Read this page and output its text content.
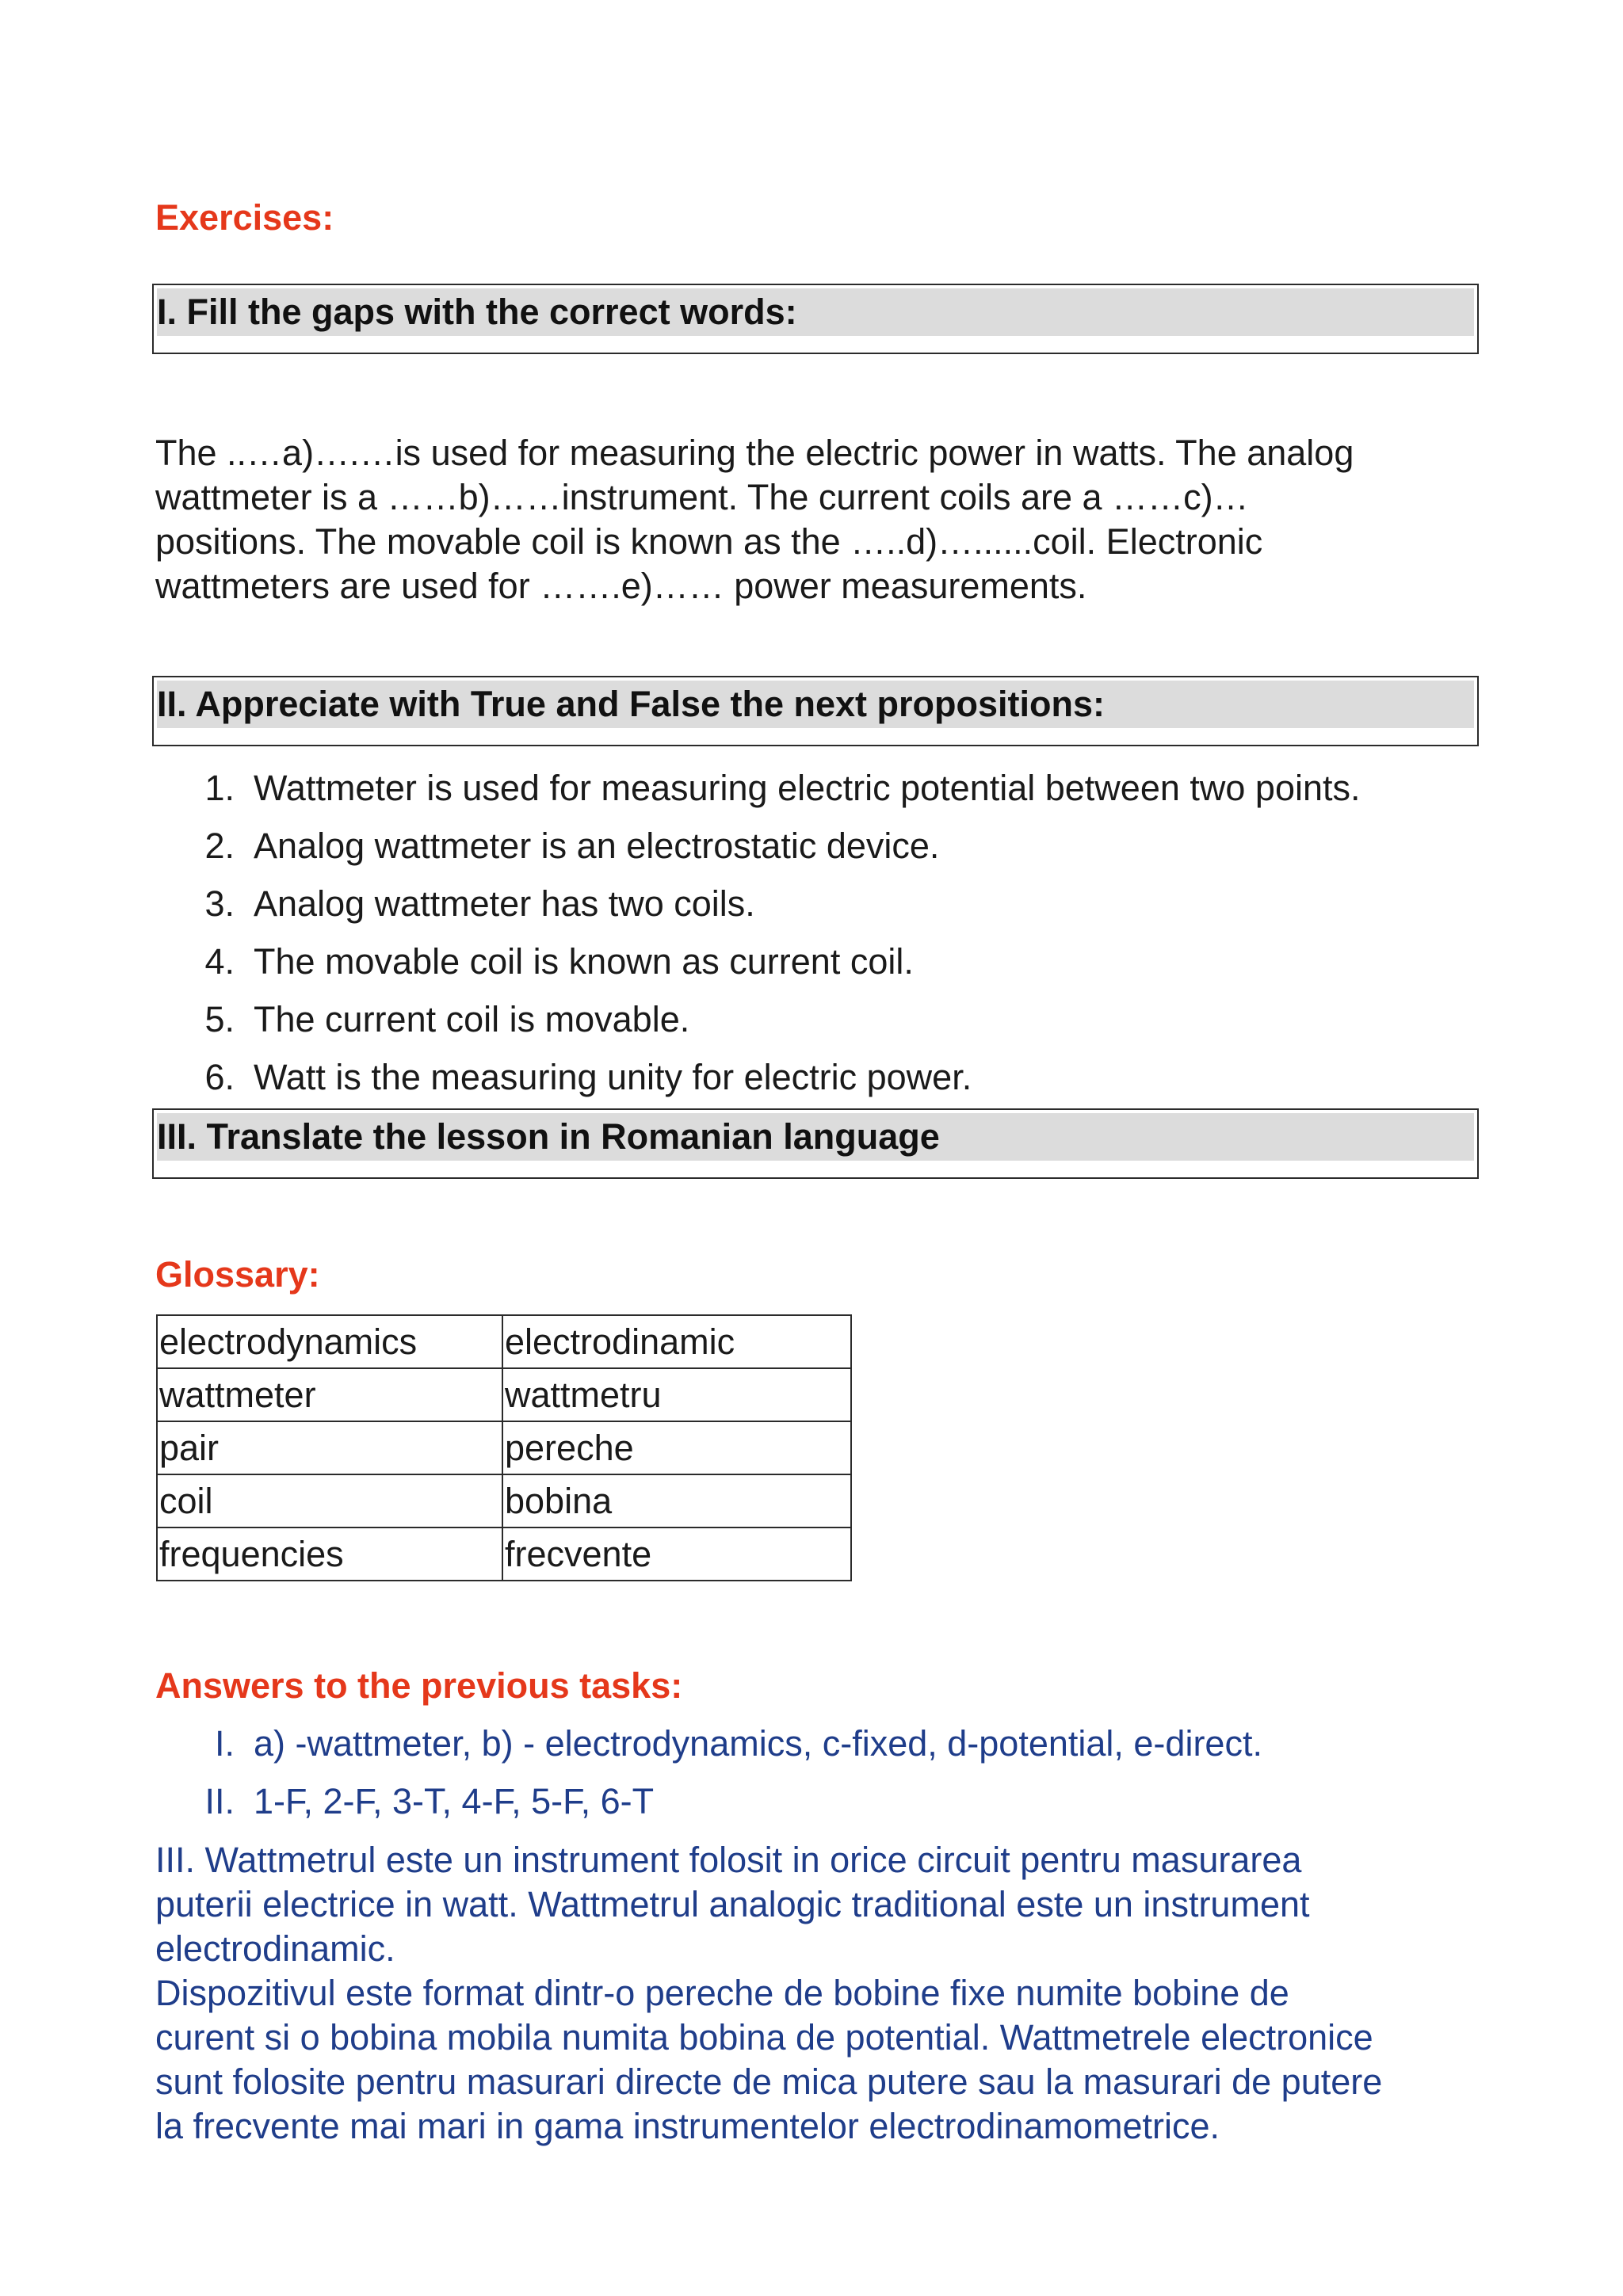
Exercises:
I. Fill the gaps with the correct words:
The ..…a)….…is used for measuring the electric power in watts. The analog
wattmeter is a ……b)……instrument. The current coils are a ……c)…
positions. The movable coil is known as the …..d)…......coil. Electronic
wattmeters are used for …….e)…… power measurements.
II. Appreciate with True and False the next propositions:
1. Wattmeter is used for measuring electric potential between two points.
2. Analog wattmeter is an electrostatic device.
3. Analog wattmeter has two coils.
4. The movable coil is known as current coil.
5. The current coil is movable.
6. Watt is the measuring unity for electric power.
III. Translate the lesson in Romanian language
Glossary:
electrodynamics	electrodinamic
wattmeter	wattmetru
pair	pereche
coil	bobina
frequencies	frecvente
Answers to the previous tasks:
I. a) -wattmeter, b) - electrodynamics, c-fixed, d-potential, e-direct.
II. 1-F, 2-F, 3-T, 4-F, 5-F, 6-T
III. Wattmetrul este un instrument folosit in orice circuit pentru masurarea
puterii electrice in watt. Wattmetrul analogic traditional este un instrument
electrodinamic.
Dispozitivul este format dintr-o pereche de bobine fixe numite bobine de
curent si o bobina mobila numita bobina de potential. Wattmetrele electronice
sunt folosite pentru masurari directe de mica putere sau la masurari de putere
la frecvente mai mari in gama instrumentelor electrodinamometrice.
